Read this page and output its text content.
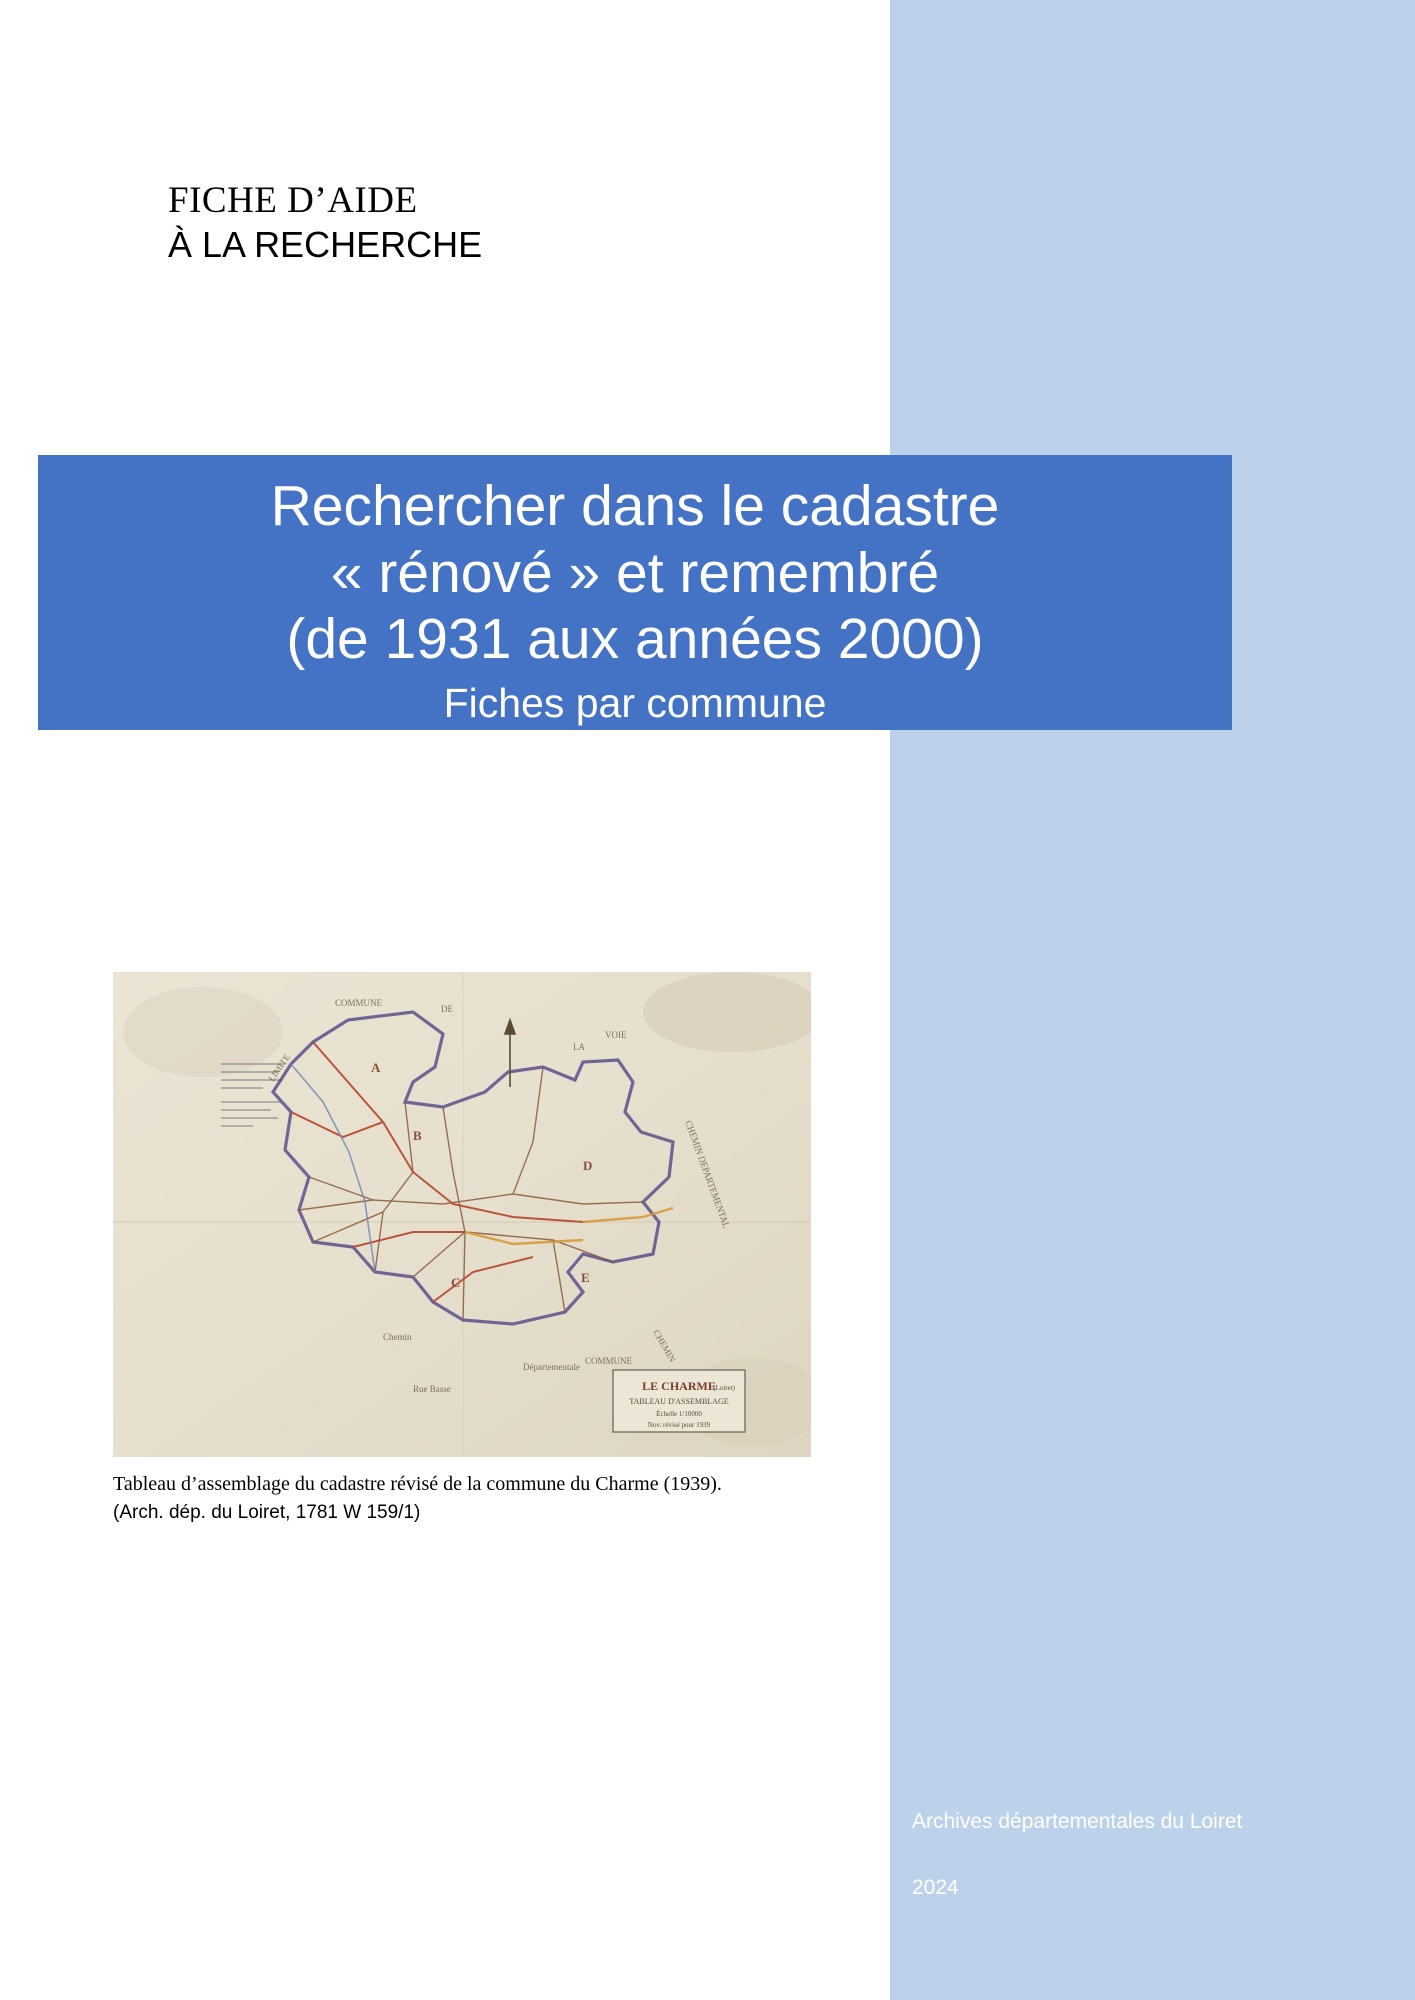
FICHE D’AIDE
À LA RECHERCHE
Rechercher dans le cadastre
« rénové » et remembré
(de 1931 aux années 2000)
Fiches par commune
A
B
C
D
E
COMMUNE
DE
LA
VOIE
CHEMIN DEPARTEMENTAL
Départementale
Rue Basse
CHEMIN
LIMITE
Chemin
COMMUNE
LE CHARME
(Loiret)
TABLEAU D'ASSEMBLAGE
Échelle 1/10000
Nov. révisé pour 1939
Tableau d’assemblage du cadastre révisé de la commune du Charme (1939).
(Arch. dép. du Loiret, 1781 W 159/1)
Archives départementales du Loiret
2024
